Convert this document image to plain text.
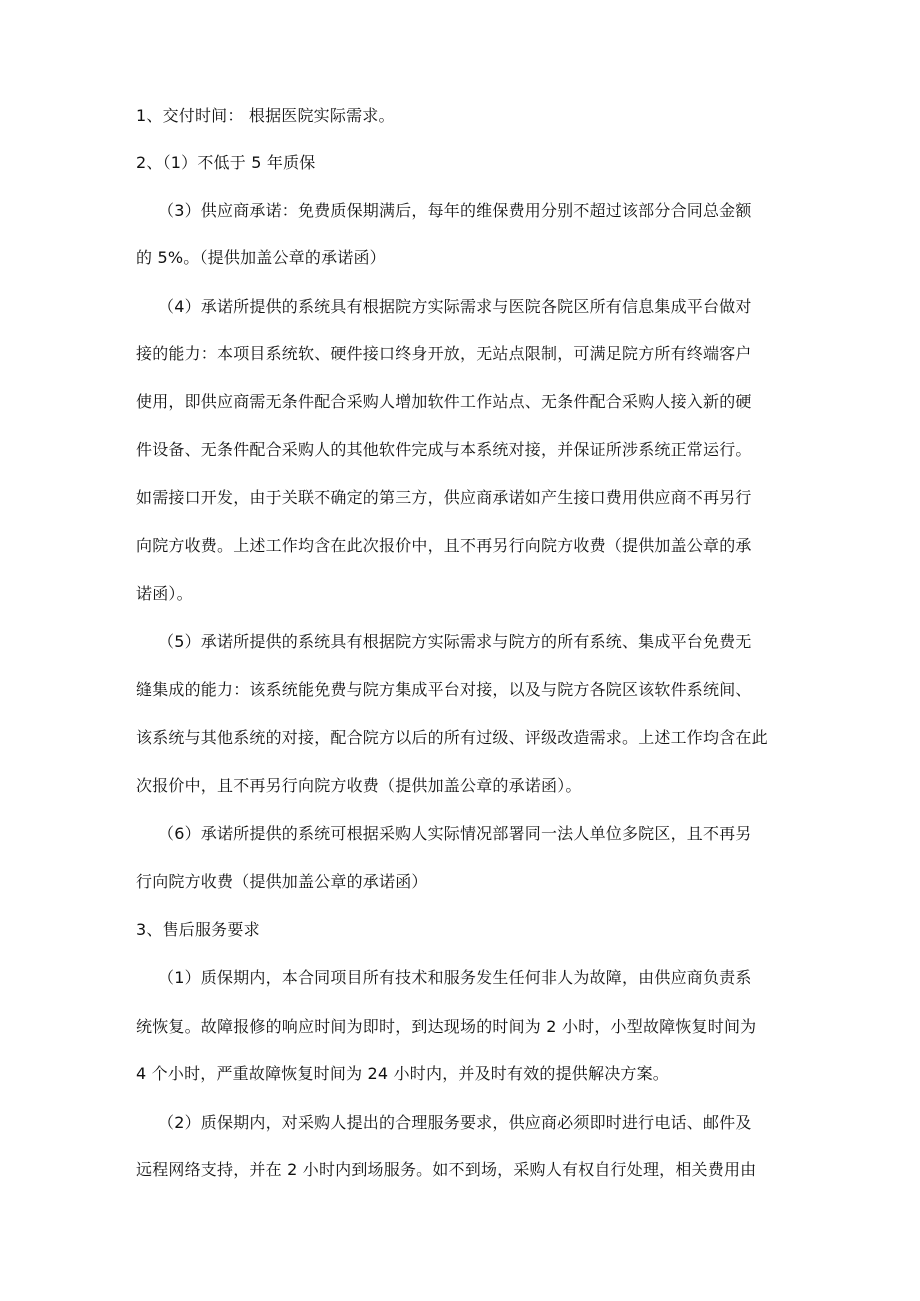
1、交付时间： 根据医院实际需求。
2、（1）不低于 5 年质保
（3）供应商承诺：免费质保期满后，每年的维保费用分别不超过该部分合同总金额
的 5%。（提供加盖公章的承诺函）
（4）承诺所提供的系统具有根据院方实际需求与医院各院区所有信息集成平台做对
接的能力：本项目系统软、硬件接口终身开放，无站点限制，可满足院方所有终端客户
使用，即供应商需无条件配合采购人增加软件工作站点、无条件配合采购人接入新的硬
件设备、无条件配合采购人的其他软件完成与本系统对接，并保证所涉系统正常运行。
如需接口开发，由于关联不确定的第三方，供应商承诺如产生接口费用供应商不再另行
向院方收费。上述工作均含在此次报价中，且不再另行向院方收费（提供加盖公章的承
诺函）。
（5）承诺所提供的系统具有根据院方实际需求与院方的所有系统、集成平台免费无
缝集成的能力：该系统能免费与院方集成平台对接，以及与院方各院区该软件系统间、
该系统与其他系统的对接，配合院方以后的所有过级、评级改造需求。上述工作均含在此
次报价中，且不再另行向院方收费（提供加盖公章的承诺函）。
（6）承诺所提供的系统可根据采购人实际情况部署同一法人单位多院区，且不再另
行向院方收费（提供加盖公章的承诺函）
3、售后服务要求
（1）质保期内，本合同项目所有技术和服务发生任何非人为故障，由供应商负责系
统恢复。故障报修的响应时间为即时，到达现场的时间为 2 小时，小型故障恢复时间为
4 个小时，严重故障恢复时间为 24 小时内，并及时有效的提供解决方案。
（2）质保期内，对采购人提出的合理服务要求，供应商必须即时进行电话、邮件及
远程网络支持，并在 2 小时内到场服务。如不到场，采购人有权自行处理，相关费用由
